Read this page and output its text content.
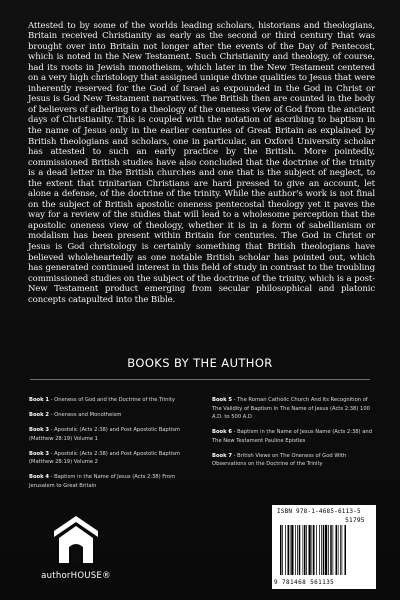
Attested to by some of the worlds leading scholars, historians and theologians, Britain received Christianity as early as the second or third century that was brought over into Britain not longer after the events of the Day of Pentecost, which is noted in the New Testament. Such Christianity and theology, of course, had its roots in Jewish monotheism, which later in the New Testament centered on a very high christology that assigned unique divine qualities to Jesus that were inherently reserved for the God of Israel as expounded in the God in Christ or Jesus is God New Testament narratives. The British then are counted in the body of believers of adhering to a theology of the oneness view of God from the ancient days of Christianity. This is coupled with the notation of ascribing to baptism in the name of Jesus only in the earlier centuries of Great Britain as explained by British theologians and scholars, one in particular, an Oxford University scholar has attested to such an early practice by the British. More pointedly, commissioned British studies have also concluded that the doctrine of the trinity is a dead letter in the British churches and one that is the subject of neglect, to the extent that trinitarian Christians are hard pressed to give an account, let alone a defense, of the doctrine of the trinity. While the author's work is not final on the subject of British apostolic oneness pentecostal theology yet it paves the way for a review of the studies that will lead to a wholesome perception that the apostolic oneness view of theology, whether it is in a form of sabellianism or modalism has been present within Britain for centuries. The God in Christ or Jesus is God christology is certainly something that British theologians have believed wholeheartedly as one notable British scholar has pointed out, which has generated continued interest in this field of study in contrast to the troubling commissioned studies on the subject of the doctrine of the trinity, which is a post-New Testament product emerging from secular philosophical and platonic concepts catapulted into the Bible.

BOOKS BY THE AUTHOR
Book 1 - Oneness of God and the Doctrine of the Trinity
Book 2 - Oneness and Monotheism
Book 3 - Apostolic (Acts 2:38) and Post Apostolic Baptism (Matthew 28:19) Volume 1
Book 3 - Apostolic (Acts 2:38) and Post Apostolic Baptism (Matthew 28:19) Volume 2
Book 4 - Baptism in the Name of Jesus (Acts 2:38) From Jerusalem to Great Britain
Book 5 - The Roman Catholic Church And Its Recognition of The Validity of Baptism In The Name of Jesus (Acts 2:38) 100 A.D. to 500 A.D
Book 6 - Baptism in the Name of Jesus Name (Acts 2:38) and The New Testament Pauline Epistles
Book 7 - British Views on The Oneness of God With Observations on the Doctrine of the Trinity
authorHOUSE®
ISBN 978-1-4685-6113-5
51795
9 781468 561135
